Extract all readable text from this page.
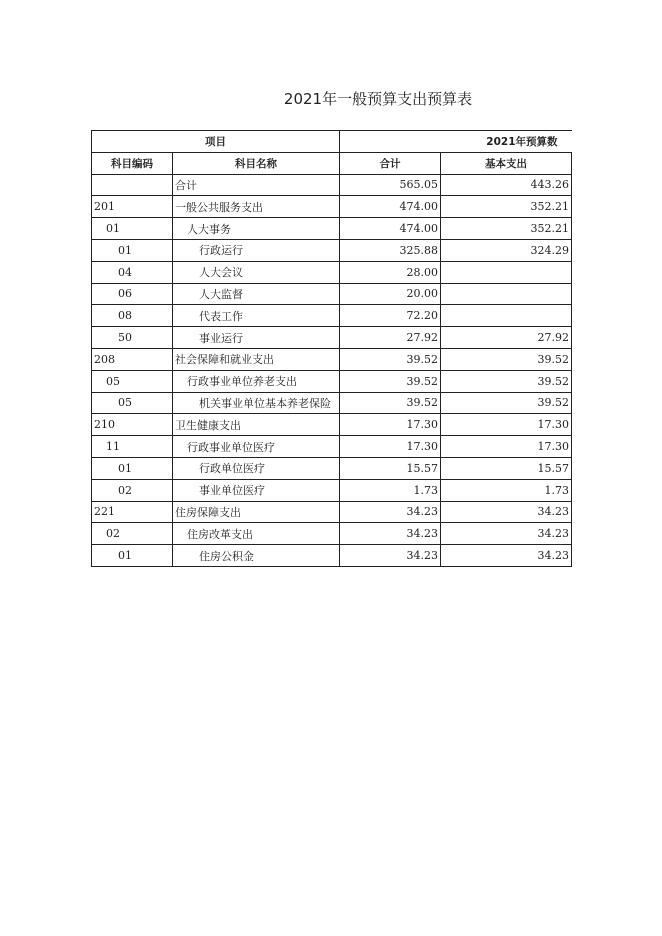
2021年一般预算支出预算表
项目		2021年预算数	
科目编码	科目名称	合计	基本支出
	合计	565.05	443.26
201	一般公共服务支出	474.00	352.21
01	人大事务	474.00	352.21
01	行政运行	325.88	324.29
04	人大会议	28.00	
06	人大监督	20.00	
08	代表工作	72.20	
50	事业运行	27.92	27.92
208	社会保障和就业支出	39.52	39.52
05	行政事业单位养老支出	39.52	39.52
05	机关事业单位基本养老保险	39.52	39.52
210	卫生健康支出	17.30	17.30
11	行政事业单位医疗	17.30	17.30
01	行政单位医疗	15.57	15.57
02	事业单位医疗	1.73	1.73
221	住房保障支出	34.23	34.23
02	住房改革支出	34.23	34.23
01	住房公积金	34.23	34.23
